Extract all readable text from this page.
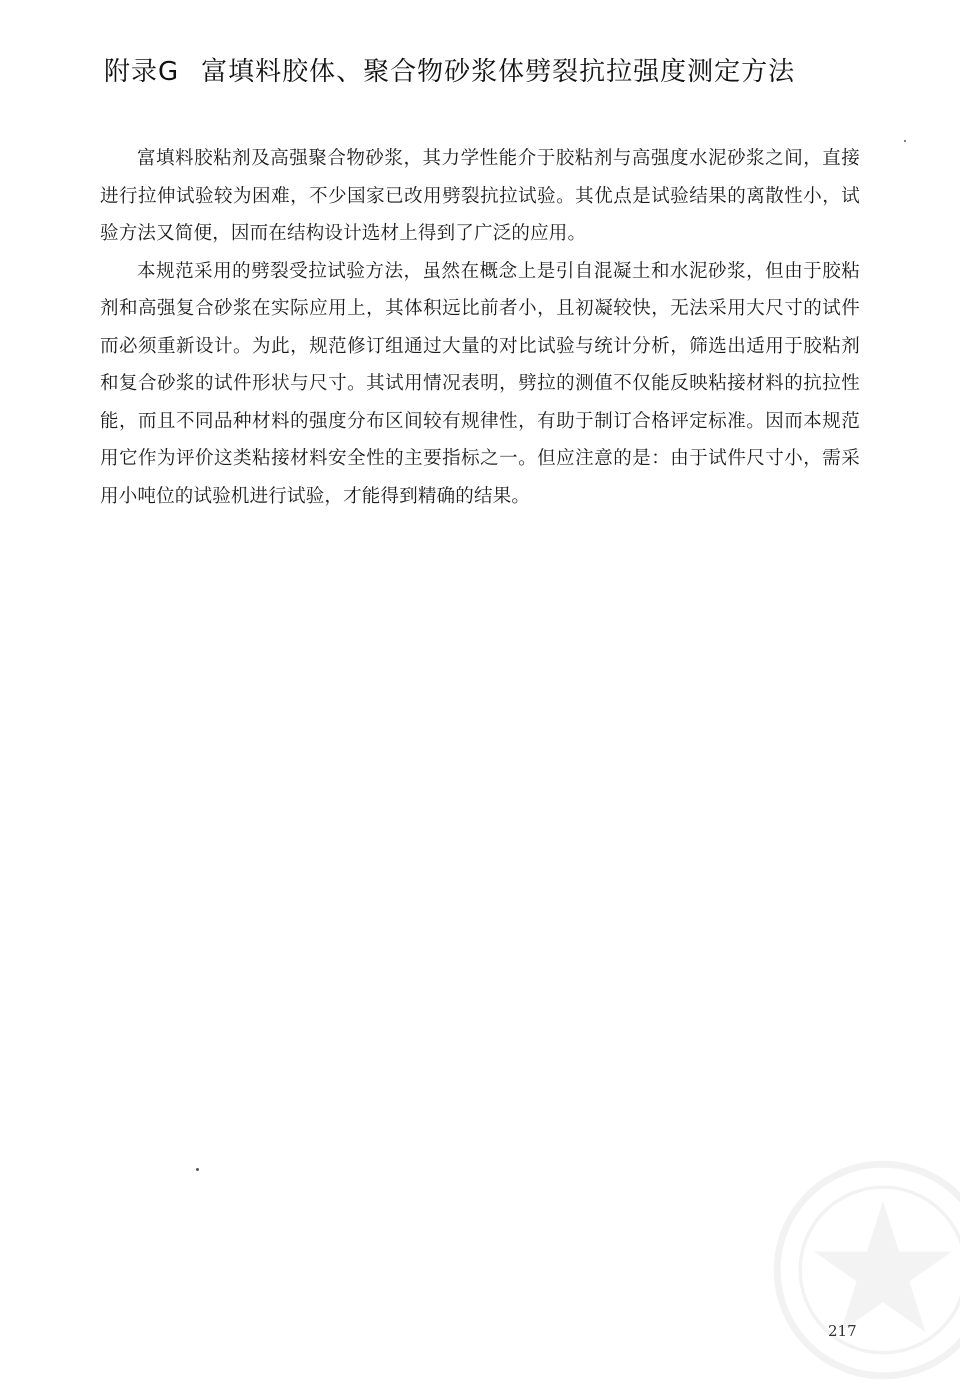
附录G 富填料胶体、聚合物砂浆体劈裂抗拉强度测定方法

富填料胶粘剂及高强聚合物砂浆，其力学性能介于胶粘剂与高强度水泥砂浆之间，直接进行拉伸试验较为困难，不少国家已改用劈裂抗拉试验。其优点是试验结果的离散性小，试验方法又简便，因而在结构设计选材上得到了广泛的应用。

本规范采用的劈裂受拉试验方法，虽然在概念上是引自混凝土和水泥砂浆，但由于胶粘剂和高强复合砂浆在实际应用上，其体积远比前者小，且初凝较快，无法采用大尺寸的试件而必须重新设计。为此，规范修订组通过大量的对比试验与统计分析，筛选出适用于胶粘剂和复合砂浆的试件形状与尺寸。其试用情况表明，劈拉的测值不仅能反映粘接材料的抗拉性能，而且不同品种材料的强度分布区间较有规律性，有助于制订合格评定标准。因而本规范用它作为评价这类粘接材料安全性的主要指标之一。但应注意的是：由于试件尺寸小，需采用小吨位的试验机进行试验，才能得到精确的结果。

217
